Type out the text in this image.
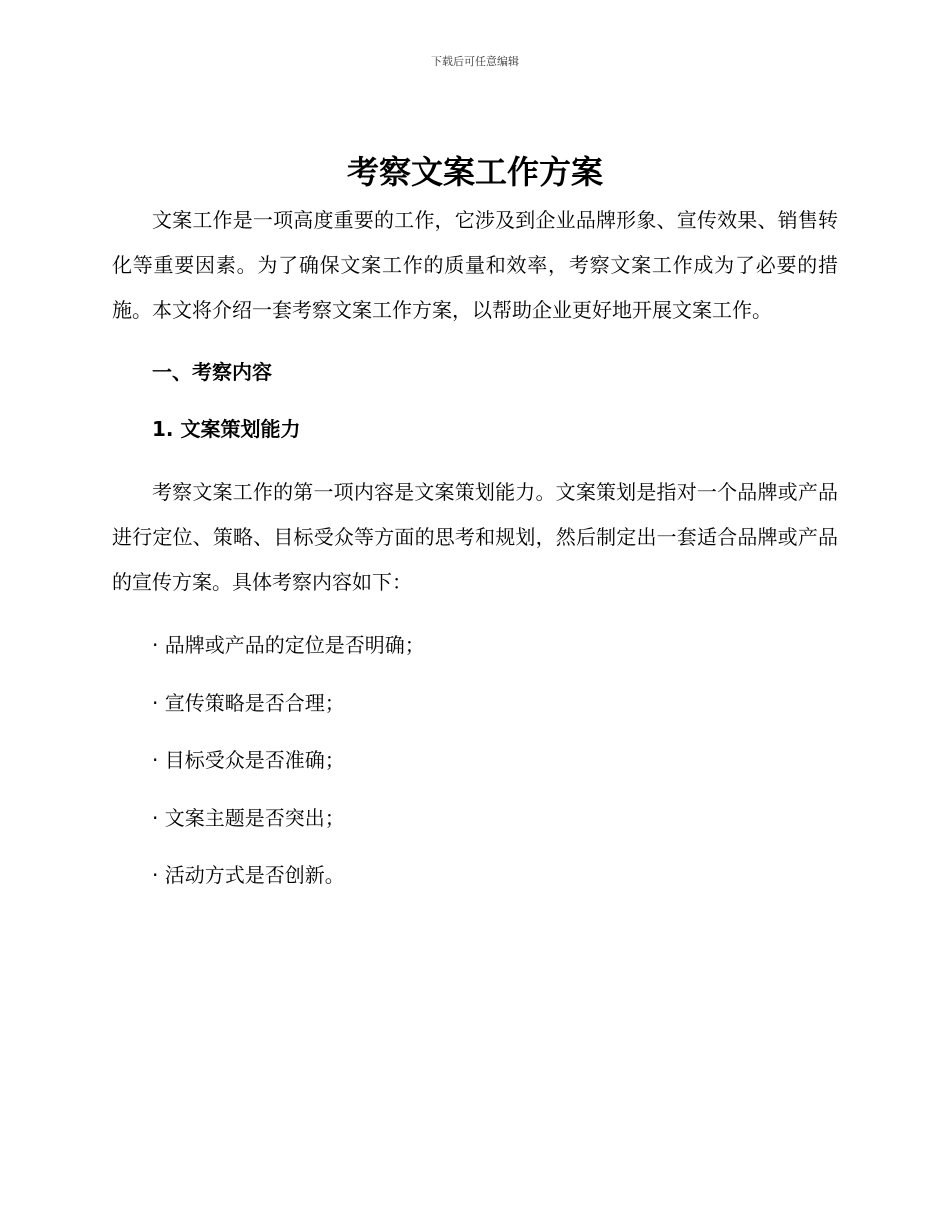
下载后可任意编辑
考察文案工作方案

文案工作是一项高度重要的工作，它涉及到企业品牌形象、宣传效果、销售转化等重要因素。为了确保文案工作的质量和效率，考察文案工作成为了必要的措施。本文将介绍一套考察文案工作方案，以帮助企业更好地开展文案工作。

一、考察内容

1. 文案策划能力

考察文案工作的第一项内容是文案策划能力。文案策划是指对一个品牌或产品进行定位、策略、目标受众等方面的思考和规划，然后制定出一套适合品牌或产品的宣传方案。具体考察内容如下：

· 品牌或产品的定位是否明确；
· 宣传策略是否合理；
· 目标受众是否准确；
· 文案主题是否突出；
· 活动方式是否创新。
